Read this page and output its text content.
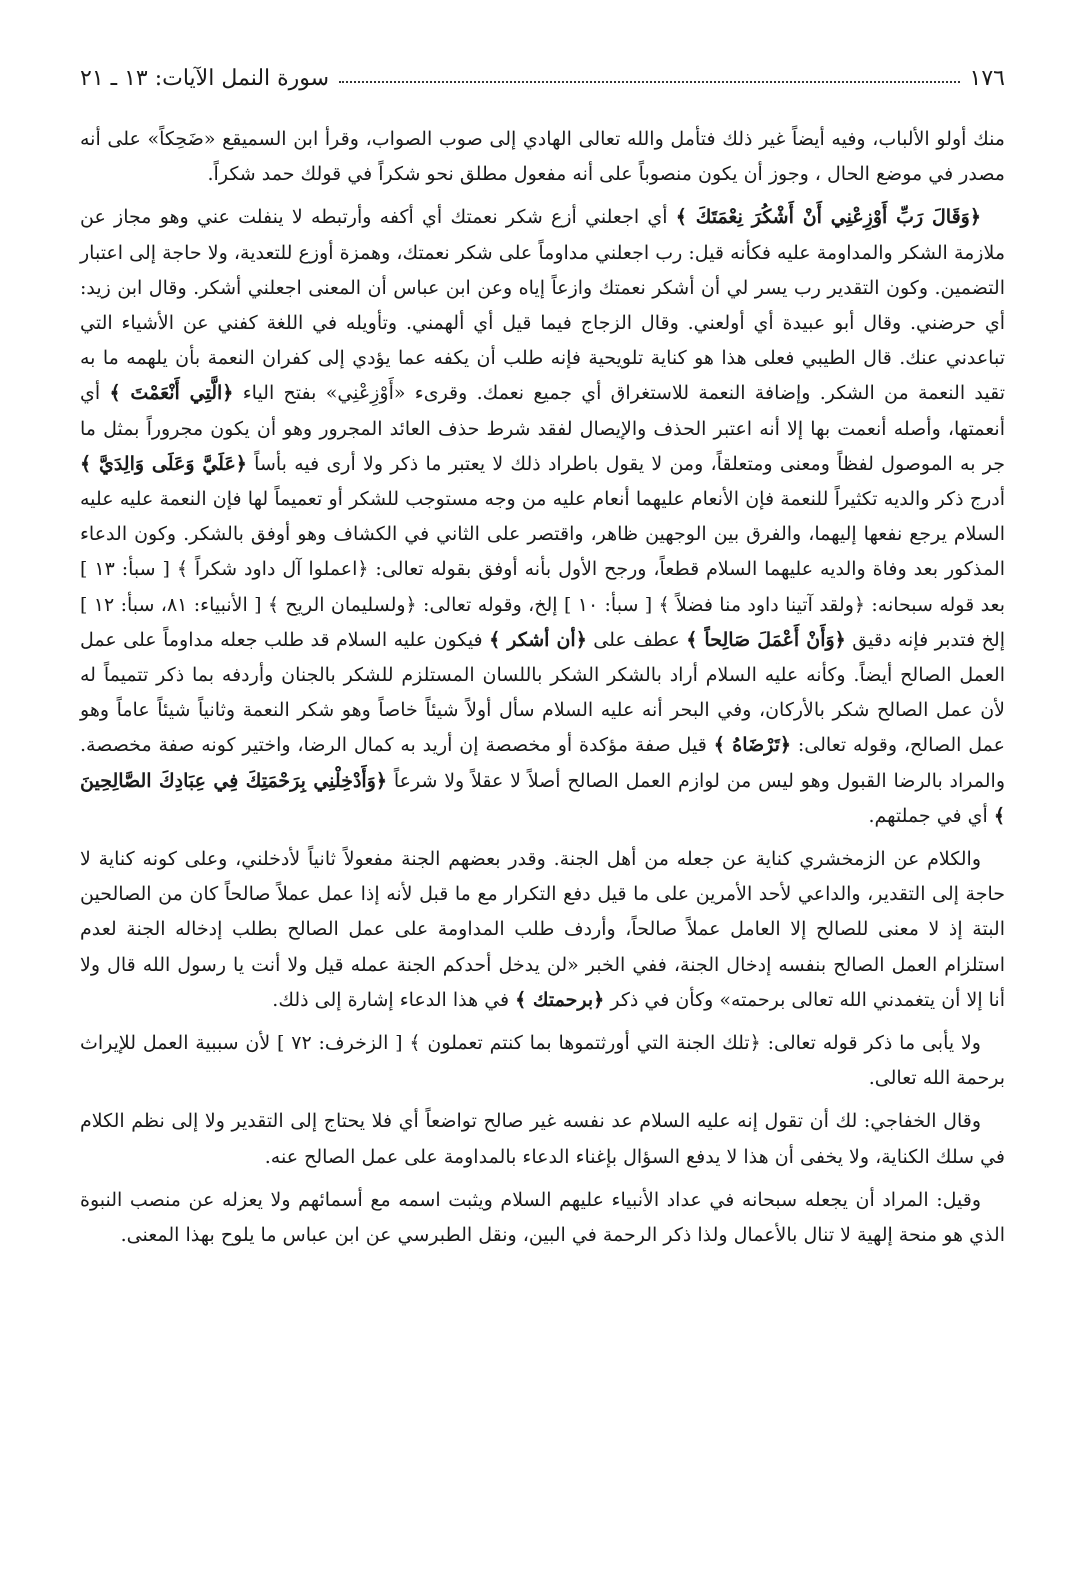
١٧٦
سورة النمل الآيات: ١٣ ـ ٢١

منك أولو الألباب، وفيه أيضاً غير ذلك فتأمل والله تعالى الهادي إلى صوب الصواب، وقرأ ابن السميقع «ضَحِكاً» على أنه مصدر في موضع الحال ، وجوز أن يكون منصوباً على أنه مفعول مطلق نحو شكراً في قولك حمد شكراً.

﴿وَقَالَ رَبِّ أَوْزِعْنِي أَنْ أَشْكُرَ نِعْمَتَكَ ﴾ أي اجعلني أزع شكر نعمتك أي أكفه وأرتبطه لا ينفلت عني وهو مجاز عن ملازمة الشكر والمداومة عليه فكأنه قيل: رب اجعلني مداوماً على شكر نعمتك، وهمزة أوزع للتعدية، ولا حاجة إلى اعتبار التضمين. وكون التقدير رب يسر لي أن أشكر نعمتك وازعاً إياه وعن ابن عباس أن المعنى اجعلني أشكر. وقال ابن زيد: أي حرضني. وقال أبو عبيدة أي أولعني. وقال الزجاج فيما قيل أي ألهمني. وتأويله في اللغة كفني عن الأشياء التي تباعدني عنك. قال الطيبي فعلى هذا هو كناية تلويحية فإنه طلب أن يكفه عما يؤدي إلى كفران النعمة بأن يلهمه ما به تقيد النعمة من الشكر. وإضافة النعمة للاستغراق أي جميع نعمك. وقرىء «أَوْزِعْنِي» بفتح الياء ﴿الَّتِي أَنْعَمْتَ ﴾ أي أنعمتها، وأصله أنعمت بها إلا أنه اعتبر الحذف والإيصال لفقد شرط حذف العائد المجرور وهو أن يكون مجروراً بمثل ما جر به الموصول لفظاً ومعنى ومتعلقاً، ومن لا يقول باطراد ذلك لا يعتبر ما ذكر ولا أرى فيه بأساً ﴿عَلَيَّ وَعَلَى وَالِدَيَّ ﴾ أدرج ذكر والديه تكثيراً للنعمة فإن الأنعام عليهما أنعام عليه من وجه مستوجب للشكر أو تعميماً لها فإن النعمة عليه عليه السلام يرجع نفعها إليهما، والفرق بين الوجهين ظاهر، واقتصر على الثاني في الكشاف وهو أوفق بالشكر. وكون الدعاء المذكور بعد وفاة والديه عليهما السلام قطعاً، ورجح الأول بأنه أوفق بقوله تعالى: ﴿اعملوا آل داود شكراً ﴾ [ سبأ: ١٣ ] بعد قوله سبحانه: ﴿ولقد آتينا داود منا فضلاً ﴾ [ سبأ: ١٠ ] إلخ، وقوله تعالى: ﴿ولسليمان الريح ﴾ [ الأنبياء: ٨١، سبأ: ١٢ ] إلخ فتدبر فإنه دقيق ﴿وَأَنْ أَعْمَلَ صَالِحاً ﴾ عطف على ﴿أن أشكر ﴾ فيكون عليه السلام قد طلب جعله مداوماً على عمل العمل الصالح أيضاً. وكأنه عليه السلام أراد بالشكر الشكر باللسان المستلزم للشكر بالجنان وأردفه بما ذكر تتميماً له لأن عمل الصالح شكر بالأركان، وفي البحر أنه عليه السلام سأل أولاً شيئاً خاصاً وهو شكر النعمة وثانياً شيئاً عاماً وهو عمل الصالح، وقوله تعالى: ﴿تَرْضَاهُ ﴾ قيل صفة مؤكدة أو مخصصة إن أريد به كمال الرضا، واختير كونه صفة مخصصة. والمراد بالرضا القبول وهو ليس من لوازم العمل الصالح أصلاً لا عقلاً ولا شرعاً ﴿وَأَدْخِلْنِي بِرَحْمَتِكَ فِي عِبَادِكَ الصَّالِحِينَ ﴾ أي في جملتهم.

والكلام عن الزمخشري كناية عن جعله من أهل الجنة. وقدر بعضهم الجنة مفعولاً ثانياً لأدخلني، وعلى كونه كناية لا حاجة إلى التقدير، والداعي لأحد الأمرين على ما قيل دفع التكرار مع ما قبل لأنه إذا عمل عملاً صالحاً كان من الصالحين البتة إذ لا معنى للصالح إلا العامل عملاً صالحاً، وأردف طلب المداومة على عمل الصالح بطلب إدخاله الجنة لعدم استلزام العمل الصالح بنفسه إدخال الجنة، ففي الخبر «لن يدخل أحدكم الجنة عمله قيل ولا أنت يا رسول الله قال ولا أنا إلا أن يتغمدني الله تعالى برحمته» وكأن في ذكر ﴿برحمتك ﴾ في هذا الدعاء إشارة إلى ذلك.

ولا يأبى ما ذكر قوله تعالى: ﴿تلك الجنة التي أورثتموها بما كنتم تعملون ﴾ [ الزخرف: ٧٢ ] لأن سببية العمل للإيراث برحمة الله تعالى.

وقال الخفاجي: لك أن تقول إنه عليه السلام عد نفسه غير صالح تواضعاً أي فلا يحتاج إلى التقدير ولا إلى نظم الكلام في سلك الكناية، ولا يخفى أن هذا لا يدفع السؤال بإغناء الدعاء بالمداومة على عمل الصالح عنه.

وقيل: المراد أن يجعله سبحانه في عداد الأنبياء عليهم السلام ويثبت اسمه مع أسمائهم ولا يعزله عن منصب النبوة الذي هو منحة إلهية لا تنال بالأعمال ولذا ذكر الرحمة في البين، ونقل الطبرسي عن ابن عباس ما يلوح بهذا المعنى.
